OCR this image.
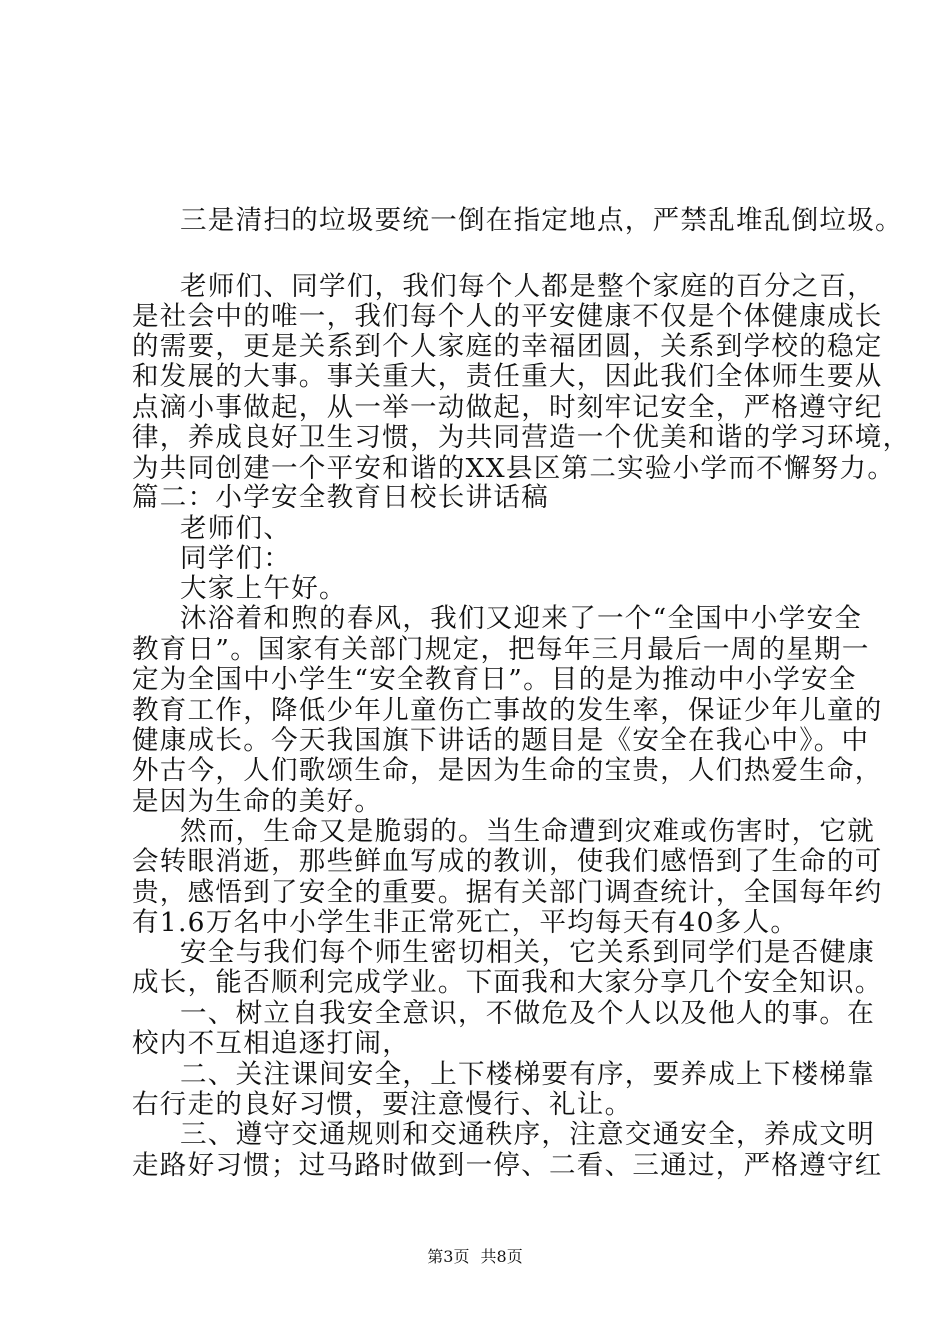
三是清扫的垃圾要统一倒在指定地点，严禁乱堆乱倒垃圾。
老师们、同学们，我们每个人都是整个家庭的百分之百，
是社会中的唯一，我们每个人的平安健康不仅是个体健康成长
的需要，更是关系到个人家庭的幸福团圆，关系到学校的稳定
和发展的大事。事关重大，责任重大，因此我们全体师生要从
点滴小事做起，从一举一动做起，时刻牢记安全，严格遵守纪
律，养成良好卫生习惯，为共同营造一个优美和谐的学习环境，
为共同创建一个平安和谐的XX县区第二实验小学而不懈努力。
篇二：小学安全教育日校长讲话稿
老师们、
同学们：
大家上午好。
沐浴着和煦的春风，我们又迎来了一个“全国中小学安全
教育日”。国家有关部门规定，把每年三月最后一周的星期一
定为全国中小学生“安全教育日”。目的是为推动中小学安全
教育工作，降低少年儿童伤亡事故的发生率，保证少年儿童的
健康成长。今天我国旗下讲话的题目是《安全在我心中》。中
外古今，人们歌颂生命，是因为生命的宝贵，人们热爱生命，
是因为生命的美好。
然而，生命又是脆弱的。当生命遭到灾难或伤害时，它就
会转眼消逝，那些鲜血写成的教训，使我们感悟到了生命的可
贵，感悟到了安全的重要。据有关部门调查统计，全国每年约
有1.6万名中小学生非正常死亡，平均每天有40多人。
安全与我们每个师生密切相关，它关系到同学们是否健康
成长，能否顺利完成学业。下面我和大家分享几个安全知识。
一、树立自我安全意识，不做危及个人以及他人的事。在
校内不互相追逐打闹，
二、关注课间安全，上下楼梯要有序，要养成上下楼梯靠
右行走的良好习惯，要注意慢行、礼让。
三、遵守交通规则和交通秩序，注意交通安全，养成文明
走路好习惯；过马路时做到一停、二看、三通过，严格遵守红
第3页 共8页
